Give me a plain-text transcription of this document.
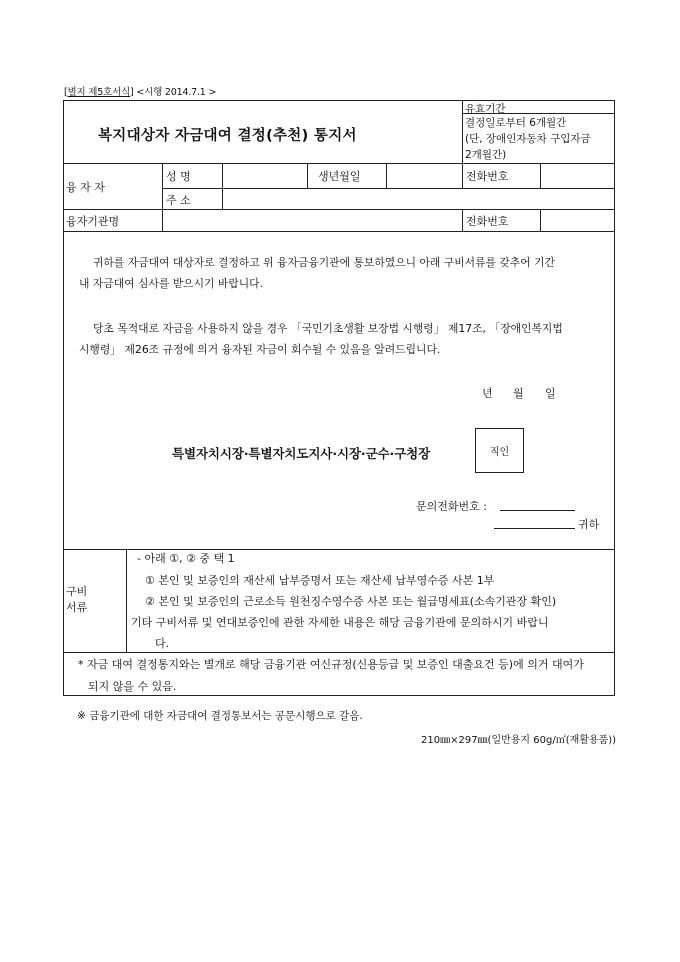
[별지 제5호서식] <시행 2014.7.1 >
복지대상자 자금대여 결정(추천) 통지서
유효기간
결정일로부터 6개월간
(단, 장애인자동차 구입자금
2개월간)
융 자 자
성 명	생년월일	전화번호
주 소
융자기관명	전화번호
귀하를 자금대여 대상자로 결정하고 위 융자금융기관에 통보하였으니 아래 구비서류를 갖추어 기간
내 자금대여 심사를 받으시기 바랍니다.
당초 목적대로 자금을 사용하지 않을 경우 「국민기초생활 보장법 시행령」 제17조, 「장애인복지법
시행령」 제26조 규정에 의거 융자된 자금이 회수될 수 있음을 알려드립니다.
년 월 일
특별자치시장·특별자치도지사·시장·군수·구청장	직인
문의전화번호 :
귀하
구비
서류
- 아래 ①, ② 중 택 1
① 본인 및 보증인의 재산세 납부증명서 또는 재산세 납부영수증 사본 1부
② 본인 및 보증인의 근로소득 원천징수영수증 사본 또는 월급명세표(소속기관장 확인)
기타 구비서류 및 연대보증인에 관한 자세한 내용은 해당 금융기관에 문의하시기 바랍니
다.
* 자금 대여 결정통지와는 별개로 해당 금융기관 여신규정(신용등급 및 보증인 대출요건 등)에 의거 대여가
되지 않을 수 있음.
※ 금융기관에 대한 자금대여 결정통보서는 공문시행으로 갈음.
210㎜×297㎜(일반용지 60g/㎡(재활용품))
